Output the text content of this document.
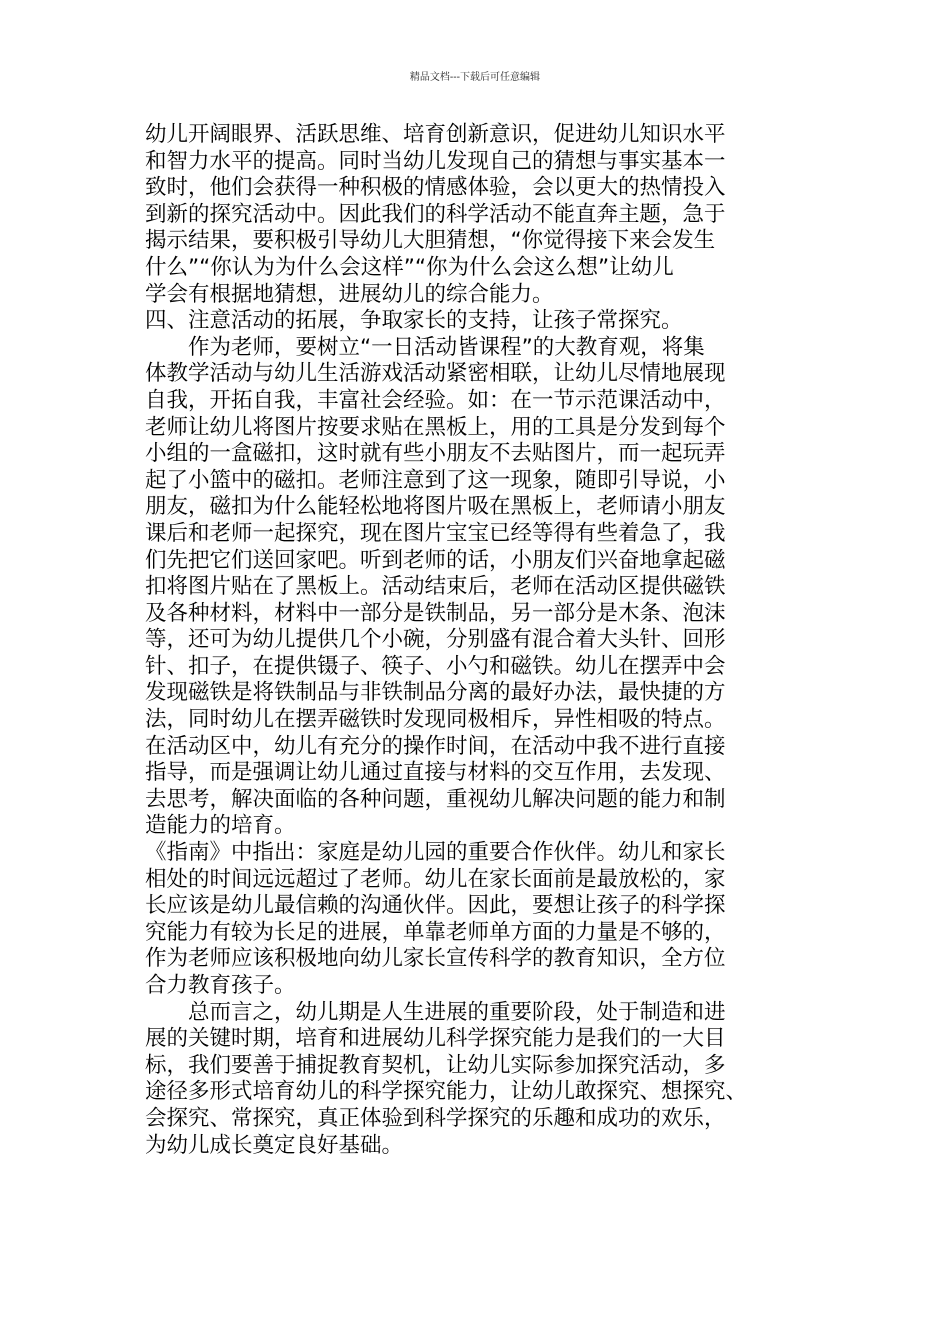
精品文档---下载后可任意编辑
幼儿开阔眼界、活跃思维、培育创新意识，促进幼儿知识水平
和智力水平的提高。同时当幼儿发现自己的猜想与事实基本一
致时，他们会获得一种积极的情感体验，会以更大的热情投入
到新的探究活动中。因此我们的科学活动不能直奔主题，急于
揭示结果，要积极引导幼儿大胆猜想，“你觉得接下来会发生
什么”“你认为为什么会这样”“你为什么会这么想”让幼儿
学会有根据地猜想，进展幼儿的综合能力。
四、注意活动的拓展，争取家长的支持，让孩子常探究。
　　作为老师，要树立“一日活动皆课程”的大教育观，将集
体教学活动与幼儿生活游戏活动紧密相联，让幼儿尽情地展现
自我，开拓自我，丰富社会经验。如：在一节示范课活动中，
老师让幼儿将图片按要求贴在黑板上，用的工具是分发到每个
小组的一盒磁扣，这时就有些小朋友不去贴图片，而一起玩弄
起了小篮中的磁扣。老师注意到了这一现象，随即引导说，小
朋友，磁扣为什么能轻松地将图片吸在黑板上，老师请小朋友
课后和老师一起探究，现在图片宝宝已经等得有些着急了，我
们先把它们送回家吧。听到老师的话，小朋友们兴奋地拿起磁
扣将图片贴在了黑板上。活动结束后，老师在活动区提供磁铁
及各种材料，材料中一部分是铁制品，另一部分是木条、泡沫
等，还可为幼儿提供几个小碗，分别盛有混合着大头针、回形
针、扣子，在提供镊子、筷子、小勺和磁铁。幼儿在摆弄中会
发现磁铁是将铁制品与非铁制品分离的最好办法，最快捷的方
法，同时幼儿在摆弄磁铁时发现同极相斥，异性相吸的特点。
在活动区中，幼儿有充分的操作时间，在活动中我不进行直接
指导，而是强调让幼儿通过直接与材料的交互作用，去发现、
去思考，解决面临的各种问题，重视幼儿解决问题的能力和制
造能力的培育。
《指南》中指出：家庭是幼儿园的重要合作伙伴。幼儿和家长
相处的时间远远超过了老师。幼儿在家长面前是最放松的，家
长应该是幼儿最信赖的沟通伙伴。因此，要想让孩子的科学探
究能力有较为长足的进展，单靠老师单方面的力量是不够的，
作为老师应该积极地向幼儿家长宣传科学的教育知识，全方位
合力教育孩子。
　　总而言之，幼儿期是人生进展的重要阶段，处于制造和进
展的关键时期，培育和进展幼儿科学探究能力是我们的一大目
标，我们要善于捕捉教育契机，让幼儿实际参加探究活动，多
途径多形式培育幼儿的科学探究能力，让幼儿敢探究、想探究、
会探究、常探究，真正体验到科学探究的乐趣和成功的欢乐，
为幼儿成长奠定良好基础。
